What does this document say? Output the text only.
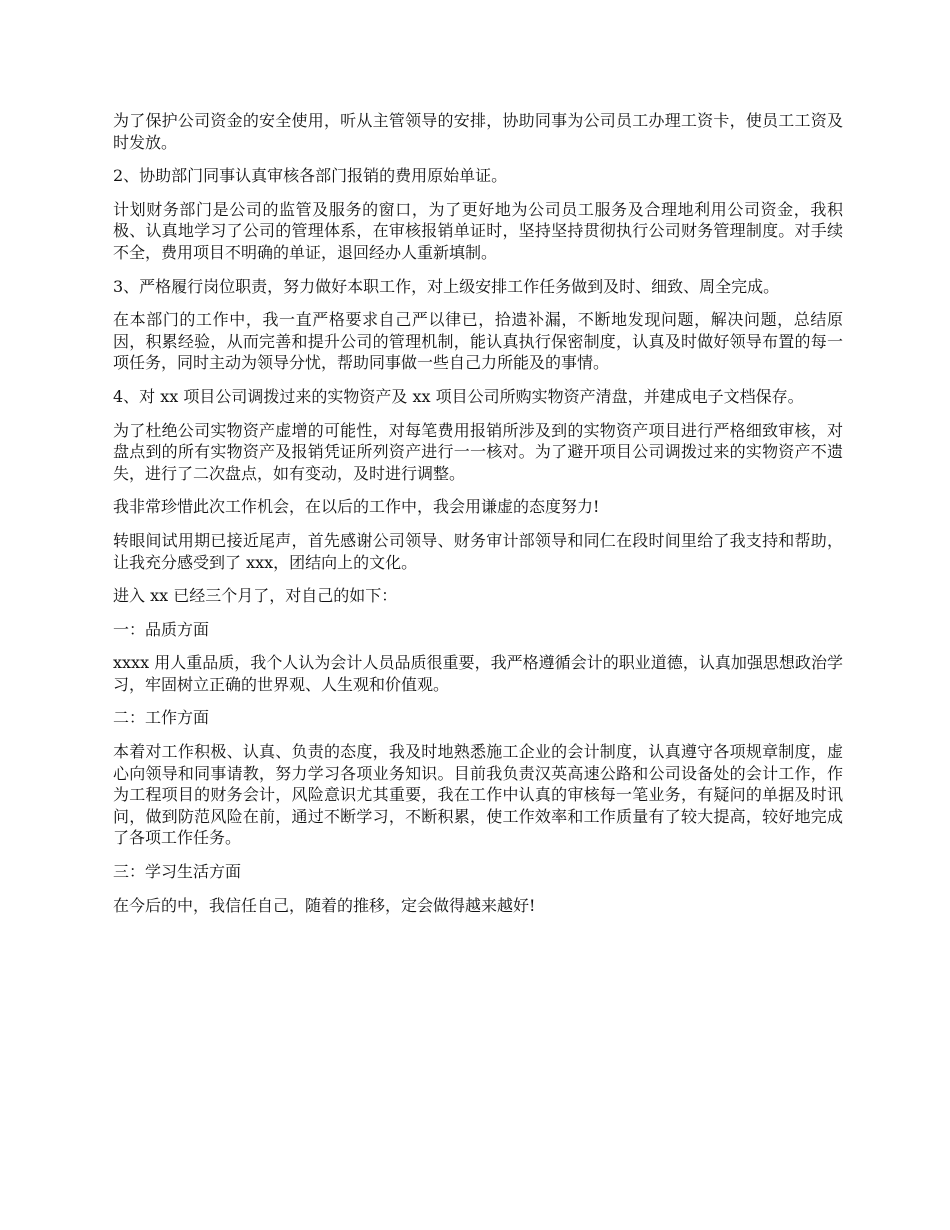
为了保护公司资金的安全使用，听从主管领导的安排，协助同事为公司员工办理工资卡，使员工工资及时发放。

2、协助部门同事认真审核各部门报销的费用原始单证。

计划财务部门是公司的监管及服务的窗口，为了更好地为公司员工服务及合理地利用公司资金，我积极、认真地学习了公司的管理体系，在审核报销单证时，坚持坚持贯彻执行公司财务管理制度。对手续不全，费用项目不明确的单证，退回经办人重新填制。

3、严格履行岗位职责，努力做好本职工作，对上级安排工作任务做到及时、细致、周全完成。

在本部门的工作中，我一直严格要求自己严以律已，拾遗补漏，不断地发现问题，解决问题，总结原因，积累经验，从而完善和提升公司的管理机制，能认真执行保密制度，认真及时做好领导布置的每一项任务，同时主动为领导分忧，帮助同事做一些自己力所能及的事情。

4、对 xx 项目公司调拨过来的实物资产及 xx 项目公司所购实物资产清盘，并建成电子文档保存。

为了杜绝公司实物资产虚增的可能性，对每笔费用报销所涉及到的实物资产项目进行严格细致审核，对盘点到的所有实物资产及报销凭证所列资产进行一一核对。为了避开项目公司调拨过来的实物资产不遗失，进行了二次盘点，如有变动，及时进行调整。

我非常珍惜此次工作机会，在以后的工作中，我会用谦虚的态度努力!

转眼间试用期已接近尾声，首先感谢公司领导、财务审计部领导和同仁在段时间里给了我支持和帮助，让我充分感受到了 xxx，团结向上的文化。

进入 xx 已经三个月了，对自己的如下：

一：品质方面

xxxx 用人重品质，我个人认为会计人员品质很重要，我严格遵循会计的职业道德，认真加强思想政治学习，牢固树立正确的世界观、人生观和价值观。

二：工作方面

本着对工作积极、认真、负责的态度，我及时地熟悉施工企业的会计制度，认真遵守各项规章制度，虚心向领导和同事请教，努力学习各项业务知识。目前我负责汉英高速公路和公司设备处的会计工作，作为工程项目的财务会计，风险意识尤其重要，我在工作中认真的审核每一笔业务，有疑问的单据及时讯问，做到防范风险在前，通过不断学习，不断积累，使工作效率和工作质量有了较大提高，较好地完成了各项工作任务。

三：学习生活方面

在今后的中，我信任自己，随着的推移，定会做得越来越好!
